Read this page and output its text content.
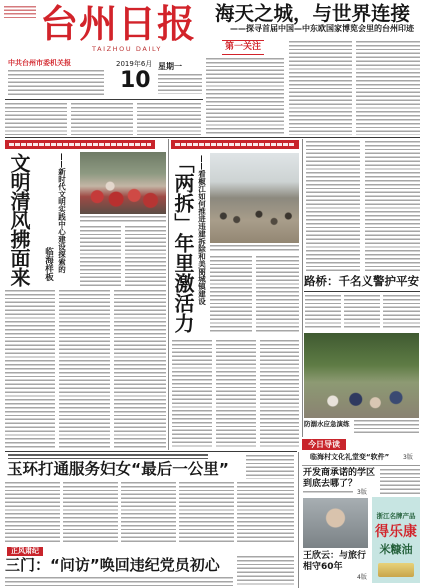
台州日报
TAIZHOU DAILY
中共台州市委机关报	2019年6月
10
星期一
海天之城，与世界连接
——探寻首届中国—中东欧国家博览会里的台州印迹
第一关注
文明清风拂面来	——新时代文明实践中心建设探索的
临海样板	「两拆」年里激活力 ——看椒江如何推进违建拆除和美丽城镇建设	路桥：千名义警护平安
防溺水应急演练
玉环打通服务妇女“最后一公里”
正风肃纪
三门：“问访”唤回违纪党员初心
今日导读
临海村文化礼堂变“软件” 3版
开发商承诺的学区
到底去哪了？
3版
王欣云：与旅行
相守60年
4版
浙江名牌产品
得乐康
米糠油
